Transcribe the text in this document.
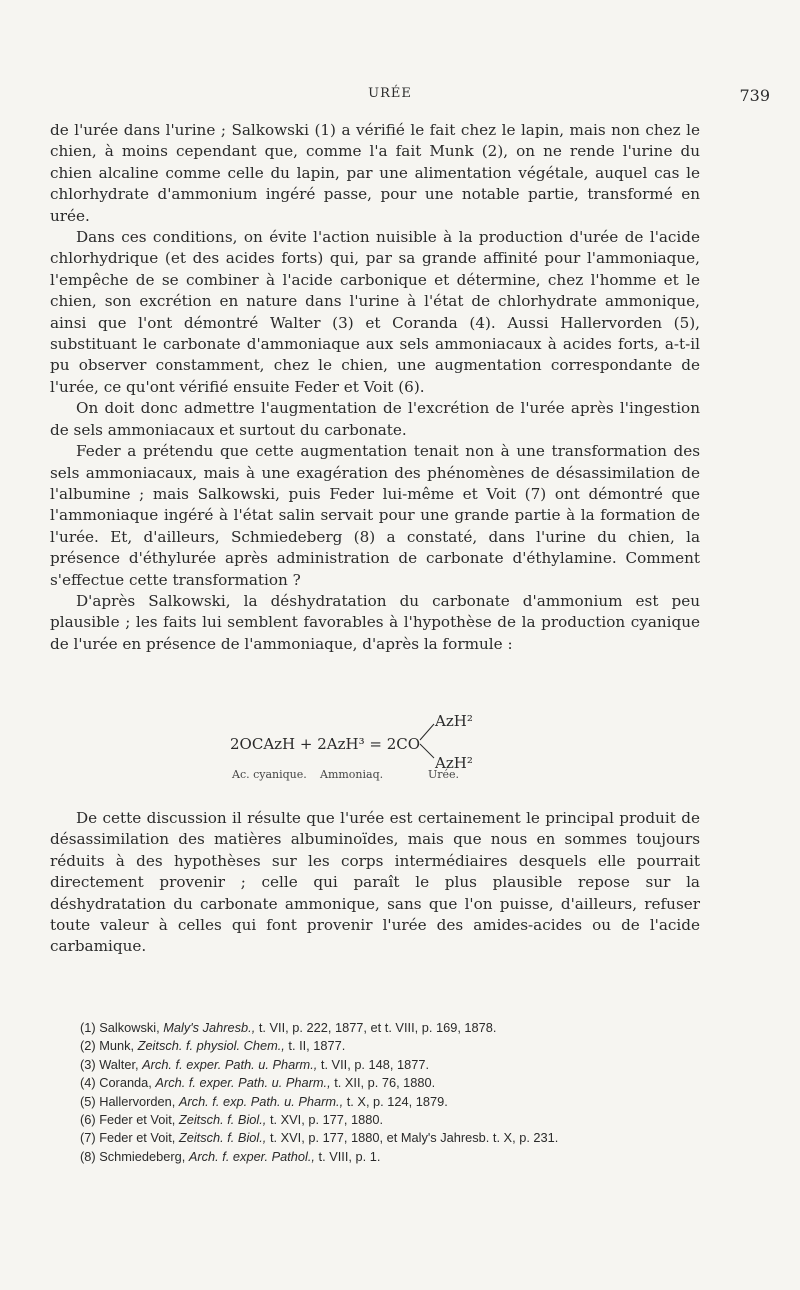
URÉE	739

de l'urée dans l'urine ; Salkowski (1) a vérifié le fait chez le lapin, mais non chez le chien, à moins cependant que, comme l'a fait Munk (2), on ne rende l'urine du chien alcaline comme celle du lapin, par une alimentation végétale, auquel cas le chlorhydrate d'ammonium ingéré passe, pour une notable partie, transformé en urée.

Dans ces conditions, on évite l'action nuisible à la production d'urée de l'acide chlorhydrique (et des acides forts) qui, par sa grande affinité pour l'ammoniaque, l'empêche de se combiner à l'acide carbonique et détermine, chez l'homme et le chien, son excrétion en nature dans l'urine à l'état de chlorhydrate ammonique, ainsi que l'ont démontré Walter (3) et Coranda (4). Aussi Hallervorden (5), substituant le carbonate d'ammoniaque aux sels ammoniacaux à acides forts, a-t-il pu observer constamment, chez le chien, une augmentation correspondante de l'urée, ce qu'ont vérifié ensuite Feder et Voit (6).

On doit donc admettre l'augmentation de l'excrétion de l'urée après l'ingestion de sels ammoniacaux et surtout du carbonate.

Feder a prétendu que cette augmentation tenait non à une transformation des sels ammoniacaux, mais à une exagération des phénomènes de désassimilation de l'albumine ; mais Salkowski, puis Feder lui-même et Voit (7) ont démontré que l'ammoniaque ingéré à l'état salin servait pour une grande partie à la formation de l'urée. Et, d'ailleurs, Schmiedeberg (8) a constaté, dans l'urine du chien, la présence d'éthylurée après administration de carbonate d'éthylamine. Comment s'effectue cette transformation ?

D'après Salkowski, la déshydratation du carbonate d'ammonium est peu plausible ; les faits lui semblent favorables à l'hypothèse de la production cyanique de l'urée en présence de l'ammoniaque, d'après la formule :

AzH²
2OCAzH + 2AzH³ = 2CO
AzH²
Ac. cyanique. Ammoniaq.	Urée.

De cette discussion il résulte que l'urée est certainement le principal produit de désassimilation des matières albuminoïdes, mais que nous en sommes toujours réduits à des hypothèses sur les corps intermédiaires desquels elle pourrait directement provenir ; celle qui paraît le plus plausible repose sur la déshydratation du carbonate ammonique, sans que l'on puisse, d'ailleurs, refuser toute valeur à celles qui font provenir l'urée des amides-acides ou de l'acide carbamique.

(1) Salkowski, Maly's Jahresb., t. VII, p. 222, 1877, et t. VIII, p. 169, 1878.
(2) Munk, Zeitsch. f. physiol. Chem., t. II, 1877.
(3) Walter, Arch. f. exper. Path. u. Pharm., t. VII, p. 148, 1877.
(4) Coranda, Arch. f. exper. Path. u. Pharm., t. XII, p. 76, 1880.
(5) Hallervorden, Arch. f. exp. Path. u. Pharm., t. X, p. 124, 1879.
(6) Feder et Voit, Zeitsch. f. Biol., t. XVI, p. 177, 1880.
(7) Feder et Voit, Zeitsch. f. Biol., t. XVI, p. 177, 1880, et Maly's Jahresb. t. X, p. 231.
(8) Schmiedeberg, Arch. f. exper. Pathol., t. VIII, p. 1.
